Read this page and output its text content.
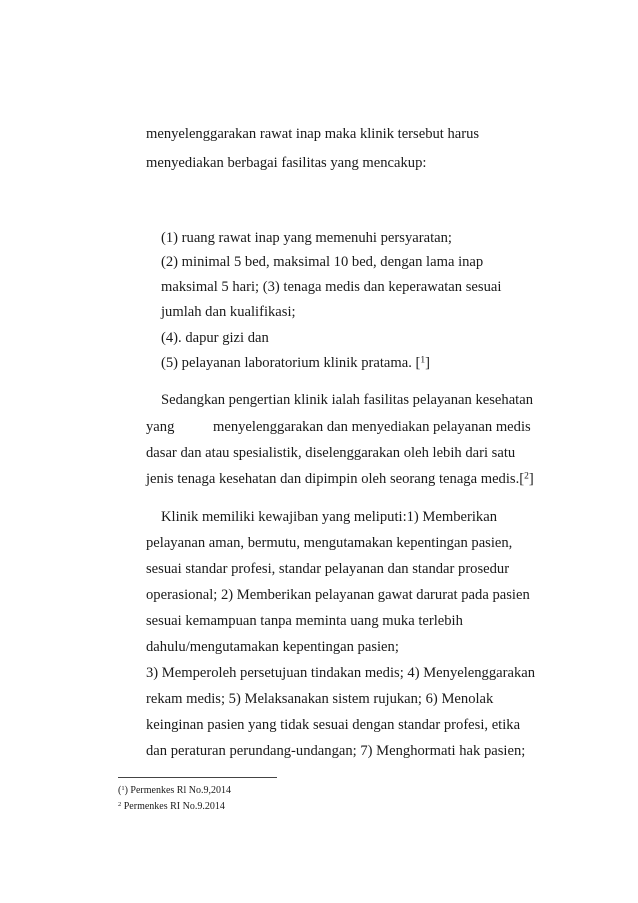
menyelenggarakan rawat inap maka klinik tersebut harus
menyediakan berbagai fasilitas yang mencakup:
(1) ruang rawat inap yang memenuhi persyaratan;
(2) minimal 5 bed, maksimal 10 bed, dengan lama inap
maksimal 5 hari; (3) tenaga medis dan keperawatan sesuai
jumlah dan kualifikasi;
(4). dapur gizi dan
(5) pelayanan laboratorium klinik pratama. [$^1$]
Sedangkan pengertian klinik ialah fasilitas pelayanan kesehatan
yang	menyelenggarakan dan menyediakan pelayanan medis
dasar dan atau spesialistik, diselenggarakan oleh lebih dari satu
jenis tenaga kesehatan dan dipimpin oleh seorang tenaga medis.[$^2$]
Klinik memiliki kewajiban yang meliputi:1) Memberikan
pelayanan aman, bermutu, mengutamakan kepentingan pasien,
sesuai standar profesi, standar pelayanan dan standar prosedur
operasional; 2) Memberikan pelayanan gawat darurat pada pasien
sesuai kemampuan tanpa meminta uang muka terlebih
dahulu/mengutamakan kepentingan pasien;
3) Memperoleh persetujuan tindakan medis; 4) Menyelenggarakan
rekam medis; 5) Melaksanakan sistem rujukan; 6) Menolak
keinginan pasien yang tidak sesuai dengan standar profesi, etika
dan peraturan perundang-undangan; 7) Menghormati hak pasien;
($^1$) Permenkes Rl No.9,2014
$^2$ Permenkes RI No.9.2014
